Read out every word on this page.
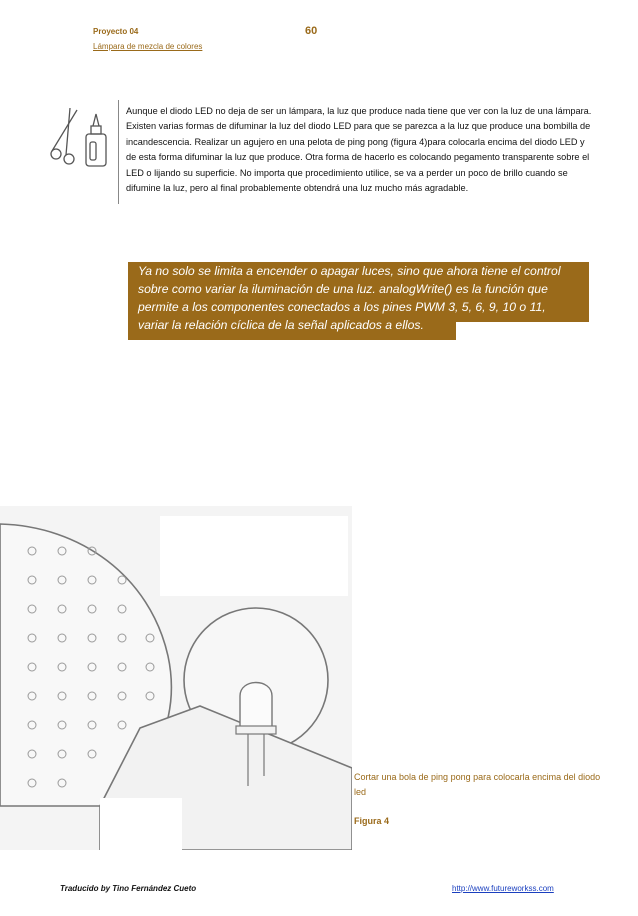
Proyecto 04
Lámpara de mezcla de colores
60
Aunque el diodo LED no deja de ser un lámpara, la luz que produce nada tiene que ver con la luz de una lámpara. Existen varias formas de difuminar la luz del diodo LED para que se parezca a la luz que produce una bombilla de incandescencia. Realizar un agujero en una pelota de ping pong (figura 4)para colocarla encima del diodo LED y de esta forma difuminar la luz que produce. Otra forma de hacerlo es colocando pegamento transparente sobre el LED o lijando su superficie. No importa que procedimiento utilice, se va a perder un poco de brillo cuando se difumine la luz, pero al final probablemente obtendrá una luz mucho más agradable.
Ya no solo se limita a encender o apagar luces, sino que ahora tiene el control
sobre como variar la iluminación de una luz. analogWrite() es la función que
permite a los componentes conectados a los pines PWM 3, 5, 6, 9, 10 o 11,
variar la relación cíclica de la señal aplicados a ellos.
Cortar una bola de ping pong para colocarla encima del diodo led
Figura 4
Traducido by Tino Fernández Cueto	http://www.futureworkss.com
